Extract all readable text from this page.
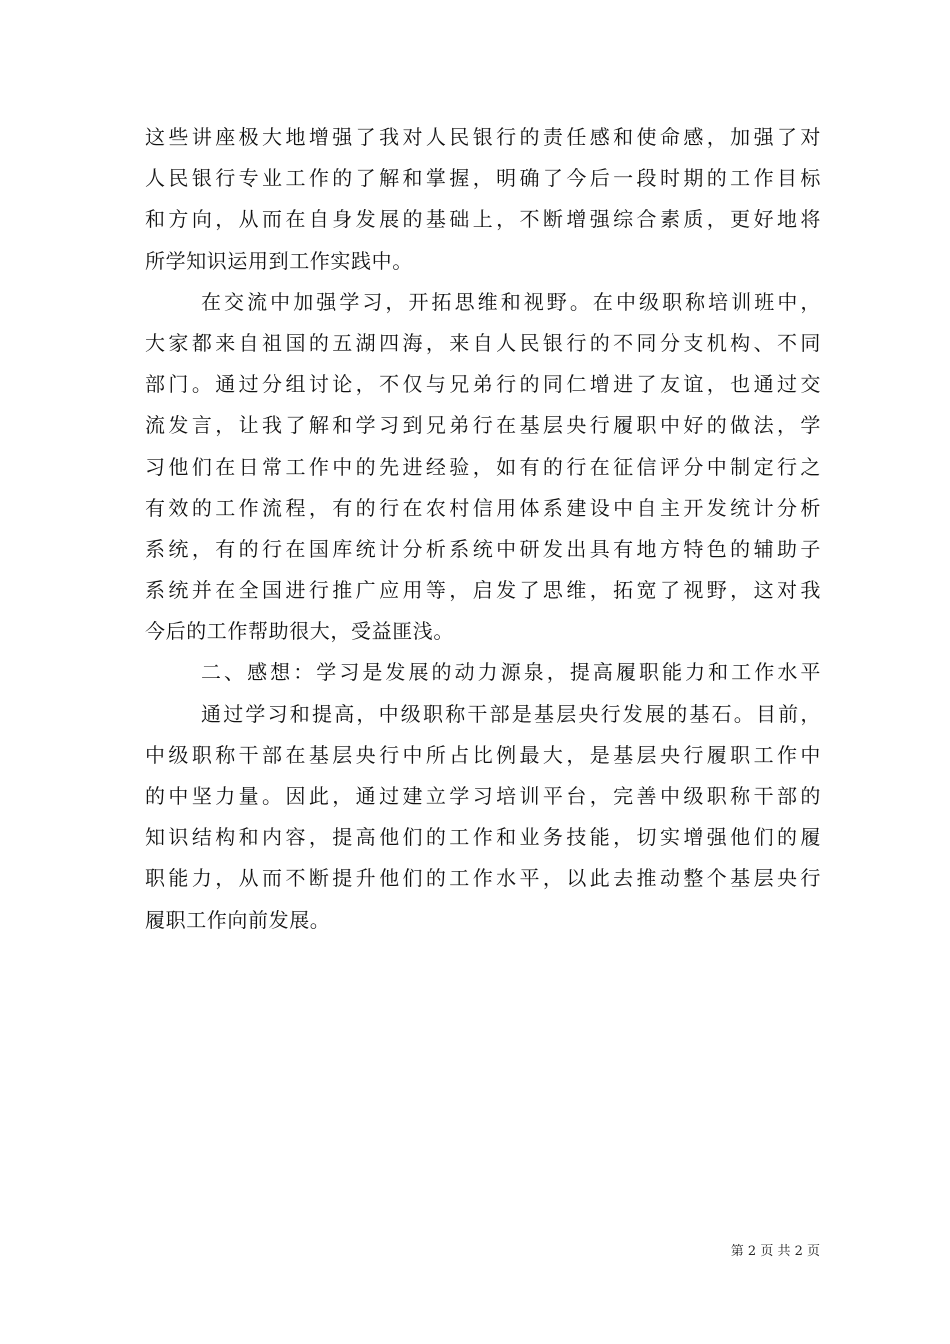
这些讲座极大地增强了我对人民银行的责任感和使命感，加强了对
人民银行专业工作的了解和掌握，明确了今后一段时期的工作目标
和方向，从而在自身发展的基础上，不断增强综合素质，更好地将
所学知识运用到工作实践中。
在交流中加强学习，开拓思维和视野。在中级职称培训班中，
大家都来自祖国的五湖四海，来自人民银行的不同分支机构、不同
部门。通过分组讨论，不仅与兄弟行的同仁增进了友谊，也通过交
流发言，让我了解和学习到兄弟行在基层央行履职中好的做法，学
习他们在日常工作中的先进经验，如有的行在征信评分中制定行之
有效的工作流程，有的行在农村信用体系建设中自主开发统计分析
系统，有的行在国库统计分析系统中研发出具有地方特色的辅助子
系统并在全国进行推广应用等，启发了思维，拓宽了视野，这对我
今后的工作帮助很大，受益匪浅。
二、感想：学习是发展的动力源泉，提高履职能力和工作水平
通过学习和提高，中级职称干部是基层央行发展的基石。目前，
中级职称干部在基层央行中所占比例最大，是基层央行履职工作中
的中坚力量。因此，通过建立学习培训平台，完善中级职称干部的
知识结构和内容，提高他们的工作和业务技能，切实增强他们的履
职能力，从而不断提升他们的工作水平，以此去推动整个基层央行
履职工作向前发展。
第 2 页 共 2 页
